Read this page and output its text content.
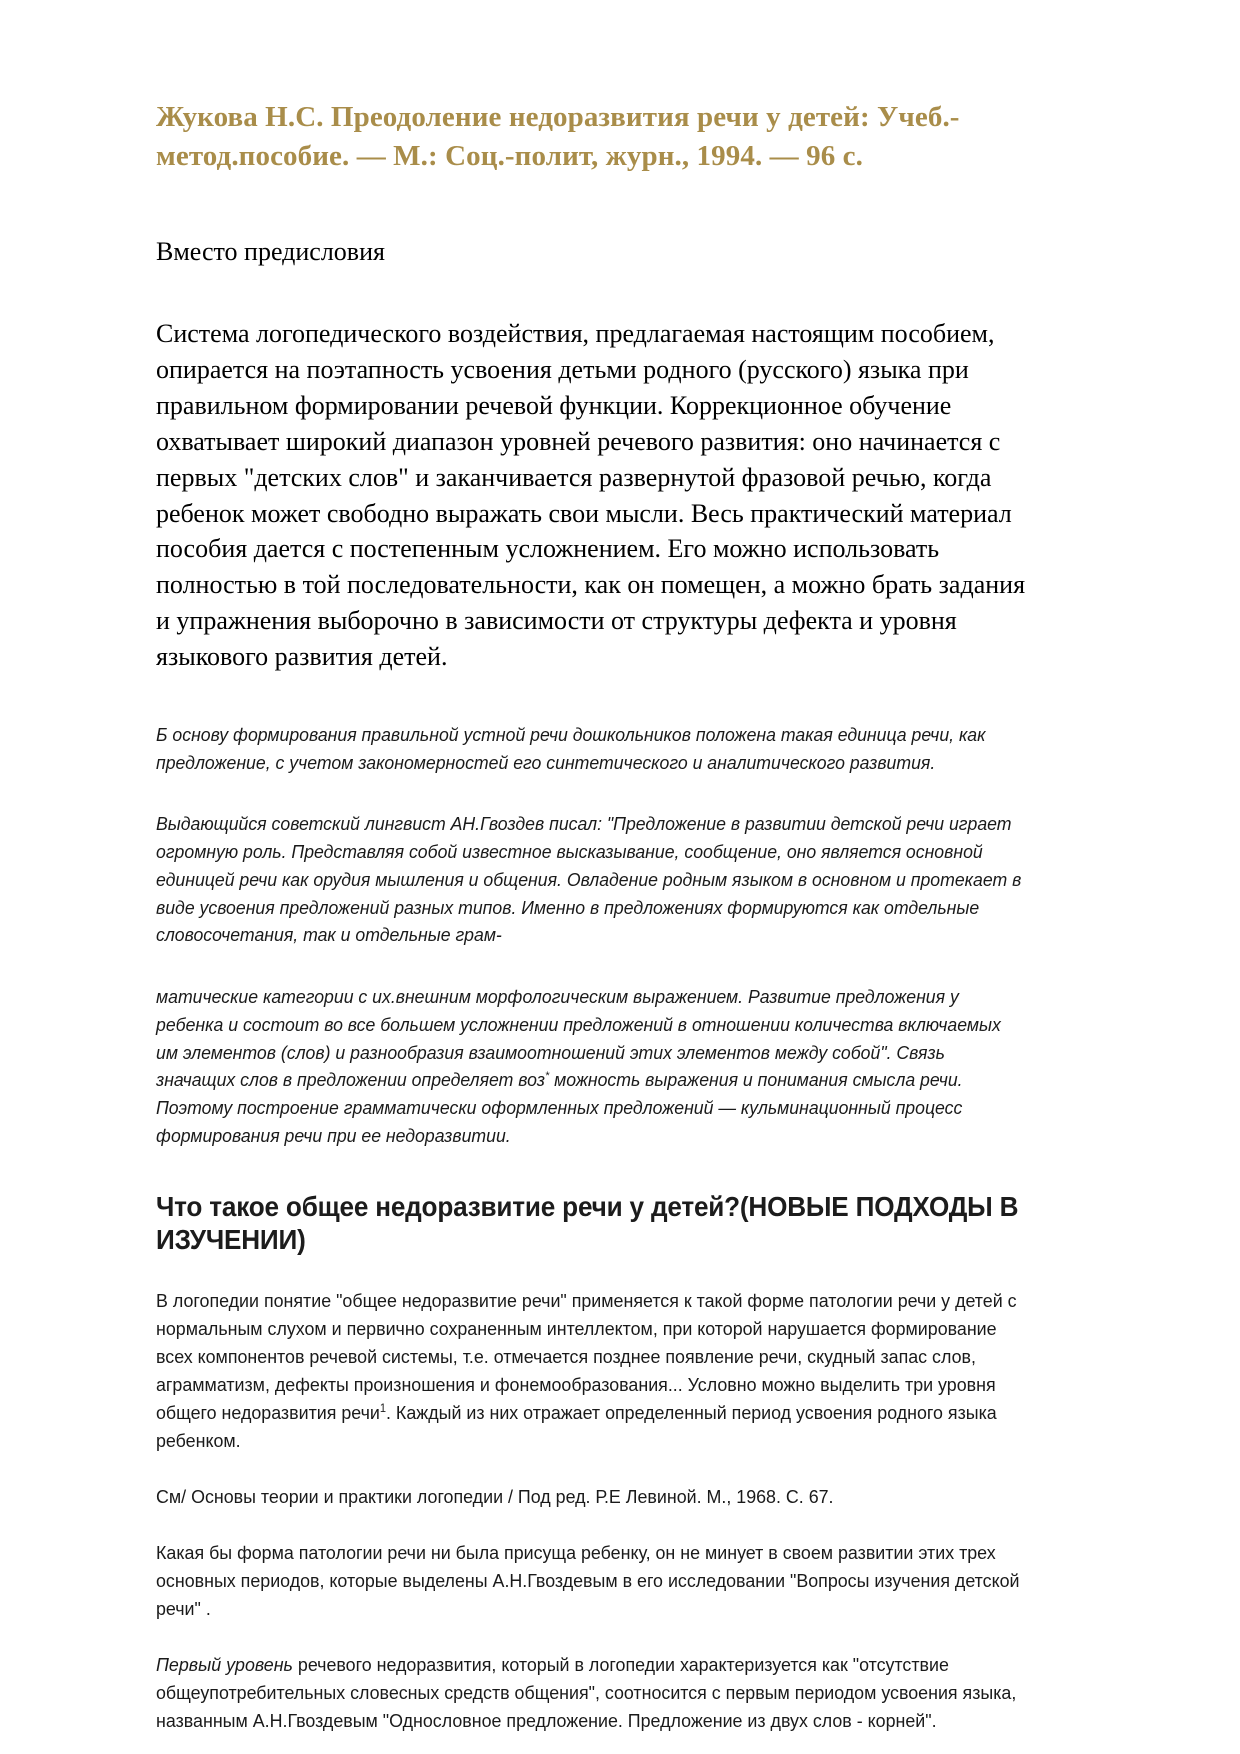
Жукова Н.С. Преодоление недоразвития речи у детей: Учеб.-
метод.пособие. — М.: Соц.-полит, журн., 1994. — 96 с.

Вместо предисловия

Система логопедического воздействия, предлагаемая настоящим пособием, опирается на поэтапность усвоения детьми родного (русского) языка при правильном формировании речевой функции. Коррекционное обучение охватывает широкий диапазон уровней речевого развития: оно начинается с первых "детских слов" и заканчивается развернутой фразовой речью, когда ребенок может свободно выражать свои мысли. Весь практический материал пособия дается с постепенным усложнением. Его можно использовать полностью в той последовательности, как он помещен, а можно брать задания и упражнения выборочно в зависимости от структуры дефекта и уровня языкового развития детей.

Б основу формирования правильной устной речи дошкольников положена такая единица речи, как предложение, с учетом закономерностей его синтетического и аналитического развития.

Выдающийся советский лингвист АН.Гвоздев писал: "Предложение в развитии детской речи играет огромную роль. Представляя собой известное высказывание, сообщение, оно является основной единицей речи как орудия мышления и общения. Овладение родным языком в основном и протекает в виде усвоения предложений разных типов. Именно в предложениях формируются как отдельные словосочетания, так и отдельные грам-

матические категории с их.внешним морфологическим выражением. Развитие предложения у ребенка и состоит во все большем усложнении предложений в отношении количества включаемых им элементов (слов) и разнообразия взаимоотношений этих элементов между собой". Связь значащих слов в предложении определяет воз* можность выражения и понимания смысла речи. Поэтому построение грамматически оформленных предложений — кульминационный процесс формирования речи при ее недоразвитии.

Что такое общее недоразвитие речи у детей?(НОВЫЕ ПОДХОДЫ В ИЗУЧЕНИИ)

В логопедии понятие "общее недоразвитие речи" применяется к такой форме патологии речи у детей с нормальным слухом и первично сохраненным интеллектом, при которой нарушается формирование всех компонентов речевой системы, т.е. отмечается позднее появление речи, скудный запас слов, аграмматизм, дефекты произношения и фонемообразования... Условно можно выделить три уровня общего недоразвития речи$^1$. Каждый из них отражает определенный период усвоения родного языка ребенком.

См/ Основы теории и практики логопедии / Под ред. Р.Е Левиной. М., 1968. С. 67.

Какая бы форма патологии речи ни была присуща ребенку, он не минует в своем развитии этих трех основных периодов, которые выделены А.Н.Гвоздевым в его исследовании "Вопросы изучения детской речи" .

Первый уровень речевого недоразвития, который в логопедии характеризуется как "отсутствие общеупотребительных словесных средств общения", соотносится с первым периодом усвоения языка, названным А.Н.Гвоздевым "Однословное предложение. Предложение из двух слов - корней".
